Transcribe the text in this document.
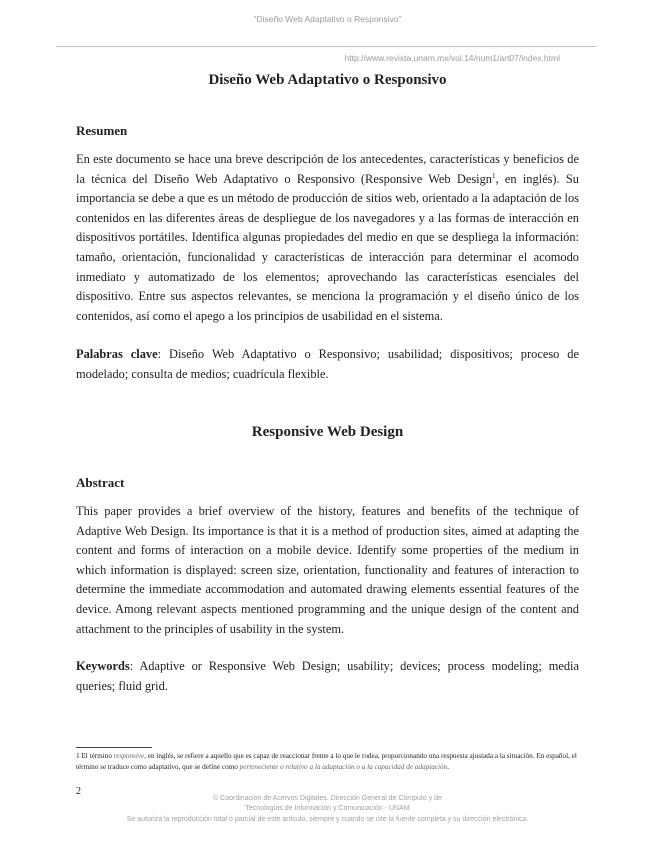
“Diseño Web Adaptativo o Responsivo”
http://www.revista.unam.mx/vol.14/num1/art07/index.html
Diseño Web Adaptativo o Responsivo
Resumen

En este documento se hace una breve descripción de los antecedentes, características y beneficios de la técnica del Diseño Web Adaptativo o Responsivo (Responsive Web Design$^1$, en inglés). Su importancia se debe a que es un método de producción de sitios web, orientado a la adaptación de los contenidos en las diferentes áreas de despliegue de los navegadores y a las formas de interacción en dispositivos portátiles. Identifica algunas propiedades del medio en que se despliega la información: tamaño, orientación, funcionalidad y características de interacción para determinar el acomodo inmediato y automatizado de los elementos; aprovechando las características esenciales del dispositivo. Entre sus aspectos relevantes, se menciona la programación y el diseño único de los contenidos, así como el apego a los principios de usabilidad en el sistema.

Palabras clave: Diseño Web Adaptativo o Responsivo; usabilidad; dispositivos; proceso de modelado; consulta de medios; cuadrícula flexible.

Responsive Web Design
Abstract

This paper provides a brief overview of the history, features and benefits of the technique of Adaptive Web Design. Its importance is that it is a method of production sites, aimed at adapting the content and forms of interaction on a mobile device. Identify some properties of the medium in which information is displayed: screen size, orientation, functionality and features of interaction to determine the immediate accommodation and automated drawing elements essential features of the device. Among relevant aspects mentioned programming and the unique design of the content and attachment to the principles of usability in the system.

Keywords: Adaptive or Responsive Web Design; usability; devices; process modeling; media queries; fluid grid.

1 El término responsive, en inglés, se refiere a aquello que es capaz de reaccionar frente a lo que le rodea, proporcionando una respuesta ajustada a la situación. En español, el término se traduce como adaptativo, que se define como perteneciente o relativo a la adaptación o a la capacidad de adaptación.

2
© Coordinación de Acervos Digitales. Dirección General de Cómputo y de
Tecnologías de Información y Comunicación - UNAM
Se autoriza la reproducción total o parcial de este artículo, siempre y cuando se cite la fuente completa y su dirección electrónica.
